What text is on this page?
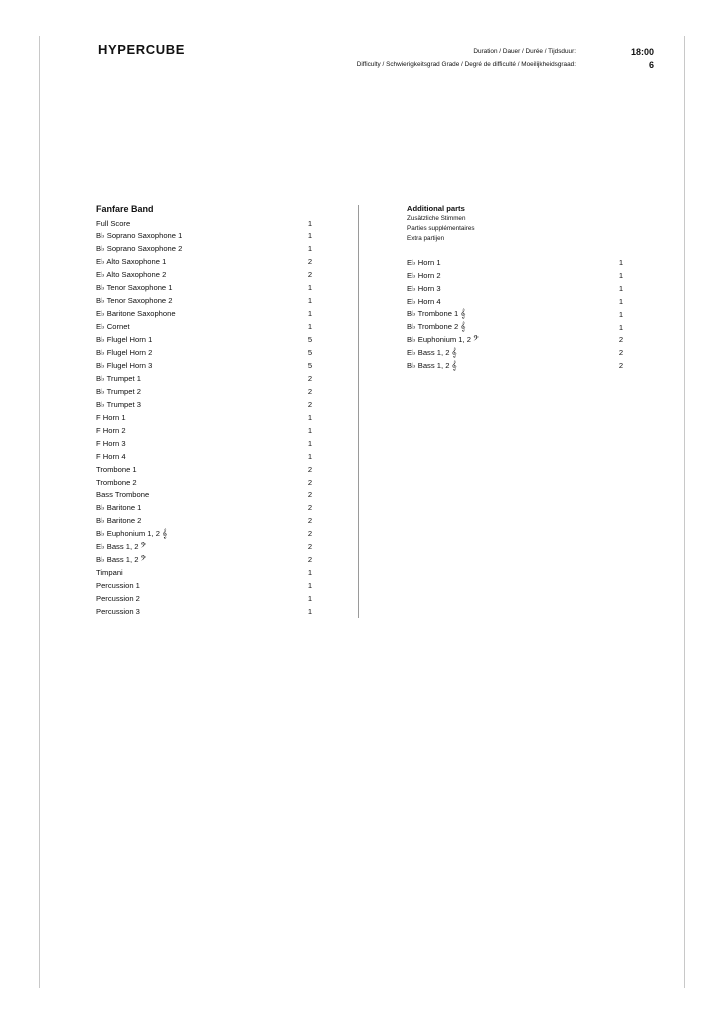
HYPERCUBE	Duration / Dauer / Durée / Tijdsduur:	18:00
Difficulty / Schwierigkeitsgrad Grade / Degré de difficulté / Moeilijkheidsgraad:	6
Fanfare Band
Full Score	1
B♭ Soprano Saxophone 1	1
B♭ Soprano Saxophone 2	1
E♭ Alto Saxophone 1	2
E♭ Alto Saxophone 2	2
B♭ Tenor Saxophone 1	1
B♭ Tenor Saxophone 2	1
E♭ Baritone Saxophone	1
E♭ Cornet	1
B♭ Flugel Horn 1	5
B♭ Flugel Horn 2	5
B♭ Flugel Horn 3	5
B♭ Trumpet 1	2
B♭ Trumpet 2	2
B♭ Trumpet 3	2
F Horn 1	1
F Horn 2	1
F Horn 3	1
F Horn 4	1
Trombone 1	2
Trombone 2	2
Bass Trombone	2
B♭ Baritone 1	2
B♭ Baritone 2	2
B♭ Euphonium 1, 2 𝄞	2
E♭ Bass 1, 2 𝄢	2
B♭ Bass 1, 2 𝄢	2
Timpani	1
Percussion 1	1
Percussion 2	1
Percussion 3	1
Additional parts
Zusätzliche Stimmen
Parties supplémentaires
Extra partijen
E♭ Horn 1	1
E♭ Horn 2	1
E♭ Horn 3	1
E♭ Horn 4	1
B♭ Trombone 1 𝄞	1
B♭ Trombone 2 𝄞	1
B♭ Euphonium 1, 2 𝄢	2
E♭ Bass 1, 2 𝄞	2
B♭ Bass 1, 2 𝄞	2
